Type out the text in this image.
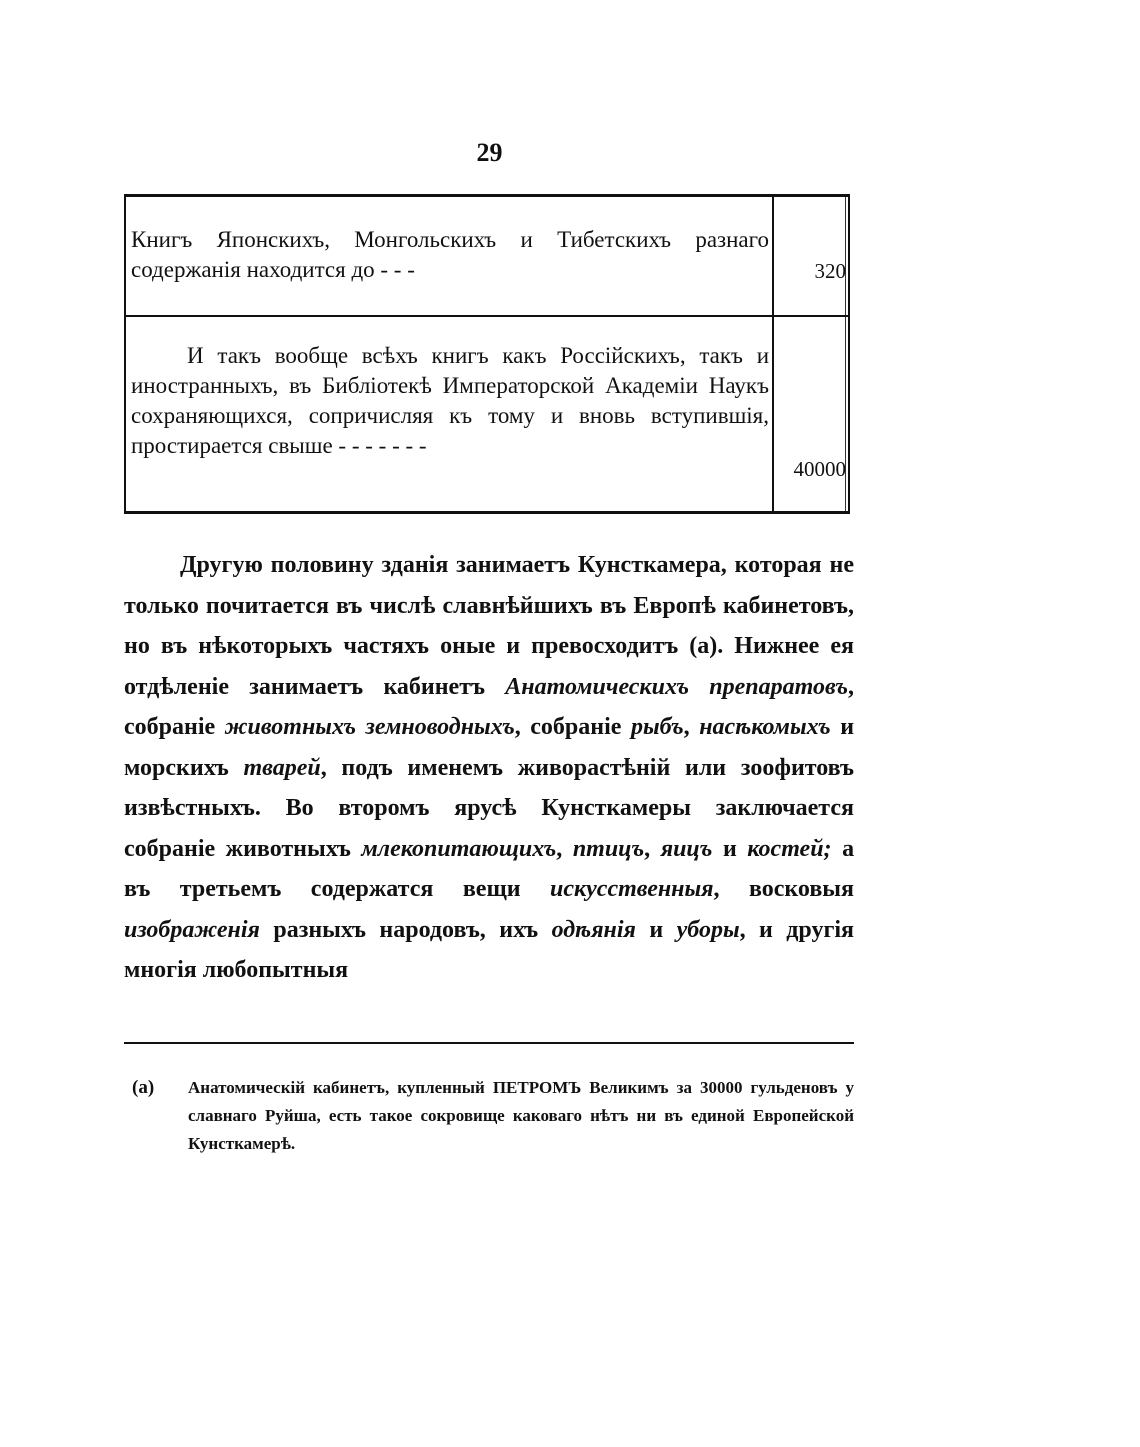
29
Книгъ Японскихъ, Монгольскихъ и Тибетскихъ разнаго содержанія находится до - - -	320
И такъ вообще всѣхъ книгъ какъ Россійскихъ, такъ и иностранныхъ, въ Библіотекѣ Императорской Академіи Наукъ сохраняющихся, сопричисляя къ тому и вновь вступившія, простирается свыше - - - - - - -
40000
Другую половину зданія занимаетъ Кунсткамера, которая не только почитается въ числѣ славнѣйшихъ въ Европѣ кабинетовъ, но въ нѣкоторыхъ частяхъ оные и превосходитъ (а). Нижнее ея отдѣленіе занимаетъ кабинетъ Анатомическихъ препаратовъ, собраніе животныхъ земноводныхъ, собраніе рыбъ, насѣкомыхъ и морскихъ тварей, подъ именемъ живорастѣній или зоофитовъ извѣстныхъ. Во второмъ ярусѣ Кунсткамеры заключается собраніе животныхъ млекопитающихъ, птицъ, яицъ и костей; а въ третьемъ содержатся вещи искусственныя, восковыя изображенія разныхъ народовъ, ихъ одѣянія и уборы, и другія многія любопытныя
(а) Анатомическій кабинетъ, купленный ПЕТРОМЪ Великимъ за 30000 гульденовъ у славнаго Руйша, есть такое сокровище каковаго нѣтъ ни въ единой Европейской Кунсткамерѣ.
